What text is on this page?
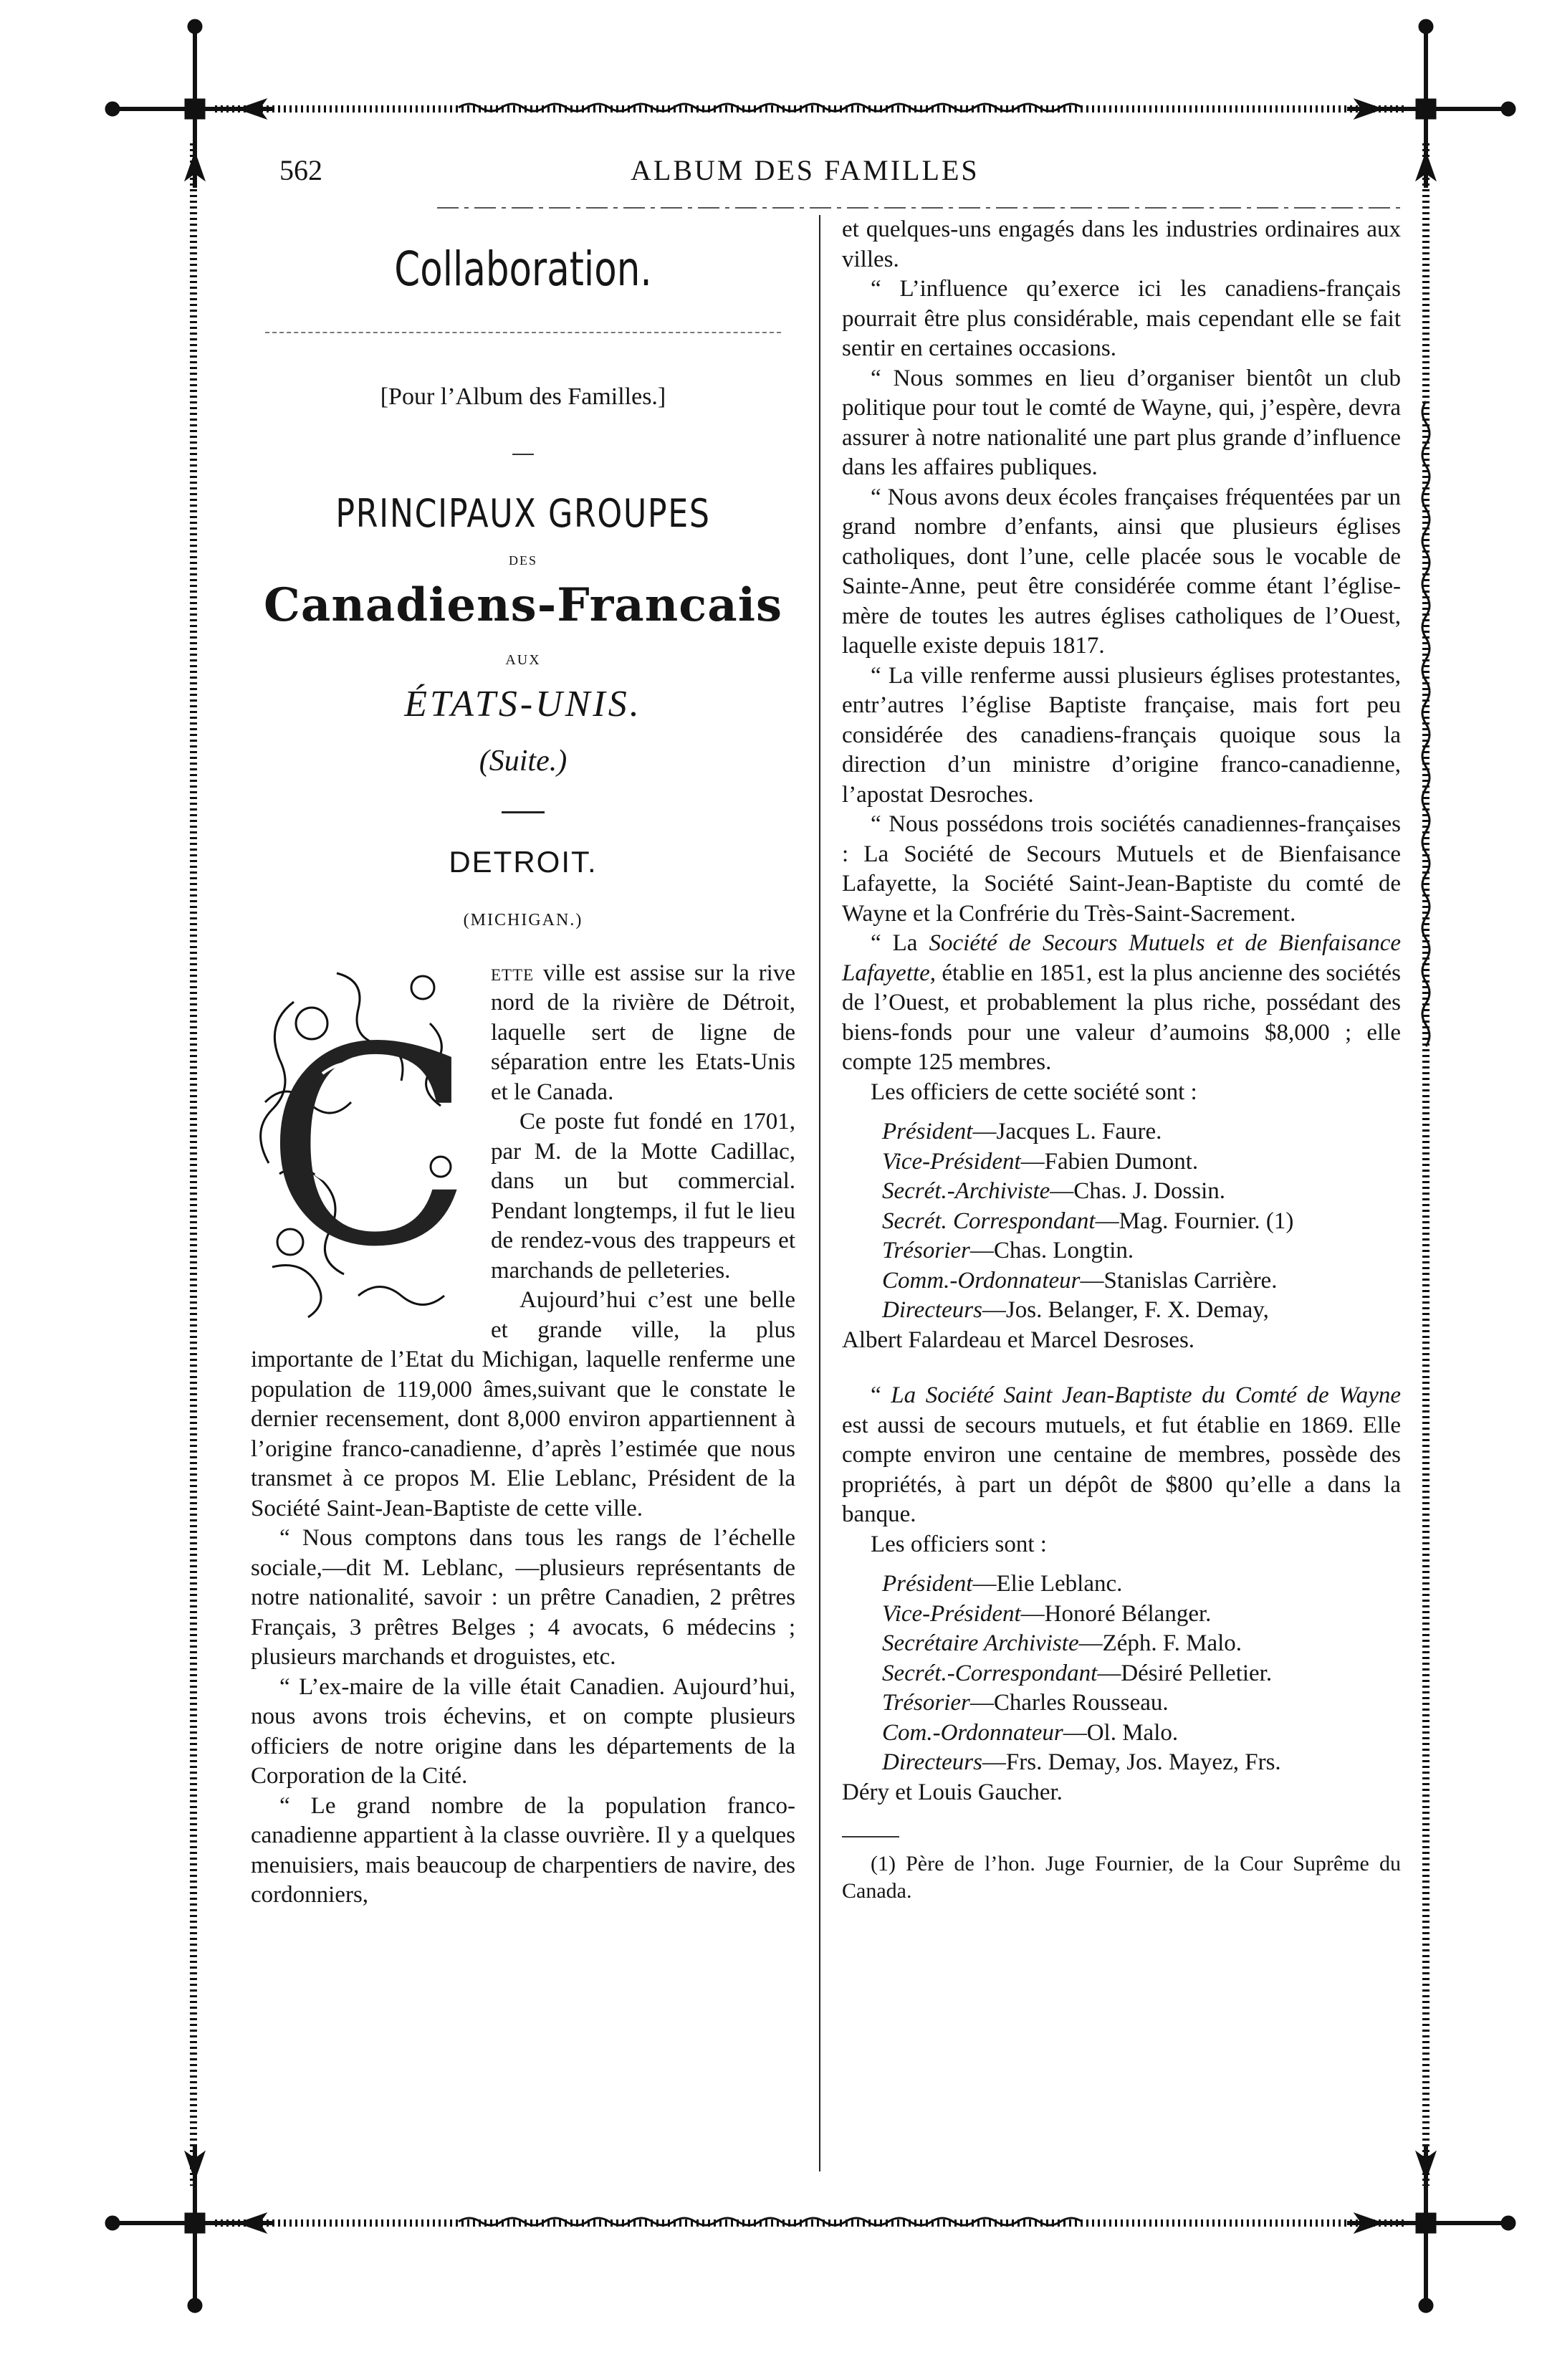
562	ALBUM DES FAMILLES
Collaboration.
[Pour l’Album des Familles.]
PRINCIPAUX GROUPES
DES
Canadiens-Francais
AUX
ÉTATS-UNIS.
(Suite.)
DETROIT.
(MICHIGAN.)
C

ette ville est assise sur la rive nord de la rivière de Détroit, laquelle sert de ligne de séparation entre les Etats-Unis et le Canada.

Ce poste fut fondé en 1701, par M. de la Motte Cadillac, dans un but commercial. Pendant longtemps, il fut le lieu de rendez-vous des trappeurs et marchands de pelleteries.

Aujourd’hui c’est une belle et grande ville, la plus importante de l’Etat du Michigan, laquelle renferme une population de 119,000 âmes,suivant que le constate le dernier recensement, dont 8,000 environ appartiennent à l’origine franco-canadienne, d’après l’estimée que nous transmet à ce propos M. Elie Leblanc, Président de la Société Saint-Jean-Baptiste de cette ville.

“ Nous comptons dans tous les rangs de l’échelle sociale,—dit M. Leblanc, —plusieurs représentants de notre nationalité, savoir : un prêtre Canadien, 2 prêtres Français, 3 prêtres Belges ; 4 avocats, 6 médecins ; plusieurs marchands et droguistes, etc.

“ L’ex-maire de la ville était Canadien. Aujourd’hui, nous avons trois échevins, et on compte plusieurs officiers de notre origine dans les départements de la Corporation de la Cité.

“ Le grand nombre de la population franco-canadienne appartient à la classe ouvrière. Il y a quelques menuisiers, mais beaucoup de charpentiers de navire, des cordonniers,

et quelques-uns engagés dans les industries ordinaires aux villes.

“ L’influence qu’exerce ici les canadiens-français pourrait être plus considérable, mais cependant elle se fait sentir en certaines occasions.

“ Nous sommes en lieu d’organiser bientôt un club politique pour tout le comté de Wayne, qui, j’espère, devra assurer à notre nationalité une part plus grande d’influence dans les affaires publiques.

“ Nous avons deux écoles françaises fréquentées par un grand nombre d’enfants, ainsi que plusieurs églises catholiques, dont l’une, celle placée sous le vocable de Sainte-Anne, peut être considérée comme étant l’église-mère de toutes les autres églises catholiques de l’Ouest, laquelle existe depuis 1817.

“ La ville renferme aussi plusieurs églises protestantes, entr’autres l’église Baptiste française, mais fort peu considérée des canadiens-français quoique sous la direction d’un ministre d’origine franco-canadienne, l’apostat Desroches.

“ Nous possédons trois sociétés canadiennes-françaises : La Société de Secours Mutuels et de Bienfaisance Lafayette, la Société Saint-Jean-Baptiste du comté de Wayne et la Confrérie du Très-Saint-Sacrement.

“ La Société de Secours Mutuels et de Bienfaisance Lafayette, établie en 1851, est la plus ancienne des sociétés de l’Ouest, et probablement la plus riche, possédant des biens-fonds pour une valeur d’aumoins $8,000 ; elle compte 125 membres.

Les officiers de cette société sont :

Président—Jacques L. Faure.

Vice-Président—Fabien Dumont.

Secrét.-Archiviste—Chas. J. Dossin.

Secrét. Correspondant—Mag. Fournier. (1)

Trésorier—Chas. Longtin.

Comm.-Ordonnateur—Stanislas Carrière.

Directeurs—Jos. Belanger, F. X. Demay,

Albert Falardeau et Marcel Desroses.

“ La Société Saint Jean-Baptiste du Comté de Wayne est aussi de secours mutuels, et fut établie en 1869. Elle compte environ une centaine de membres, possède des propriétés, à part un dépôt de $800 qu’elle a dans la banque.

Les officiers sont :

Président—Elie Leblanc.

Vice-Président—Honoré Bélanger.

Secrétaire Archiviste—Zéph. F. Malo.

Secrét.-Correspondant—Désiré Pelletier.

Trésorier—Charles Rousseau.

Com.-Ordonnateur—Ol. Malo.

Directeurs—Frs. Demay, Jos. Mayez, Frs.

Déry et Louis Gaucher.

(1) Père de l’hon. Juge Fournier, de la Cour Suprême du Canada.
